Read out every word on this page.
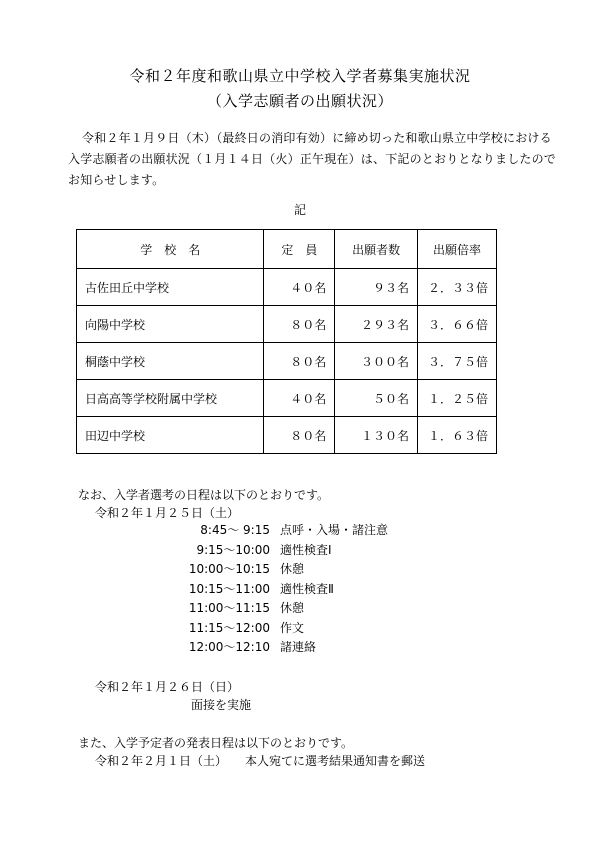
令和２年度和歌山県立中学校入学者募集実施状況
（入学志願者の出願状況）
令和２年１月９日（木）（最終日の消印有効）に締め切った和歌山県立中学校における
入学志願者の出願状況（１月１４日（火）正午現在）は、下記のとおりとなりましたので
お知らせします。
記
学　校　名	定　員	出願者数	出願倍率
古佐田丘中学校	４０名	９３名	２．３３倍
向陽中学校	８０名	２９３名	３．６６倍
桐蔭中学校	８０名	３００名	３．７５倍
日高高等学校附属中学校	４０名	５０名	１．２５倍
田辺中学校	８０名	１３０名	１．６３倍
なお、入学者選考の日程は以下のとおりです。
令和２年１月２５日（土）
8:45～ 9:15 点呼・入場・諸注意
9:15～10:00 適性検査Ⅰ
10:00～10:15 休憩
10:15～11:00 適性検査Ⅱ
11:00～11:15 休憩
11:15～12:00 作文
12:00～12:10 諸連絡
令和２年１月２６日（日）
面接を実施
また、入学予定者の発表日程は以下のとおりです。
令和２年２月１日（土） 本人宛てに選考結果通知書を郵送
